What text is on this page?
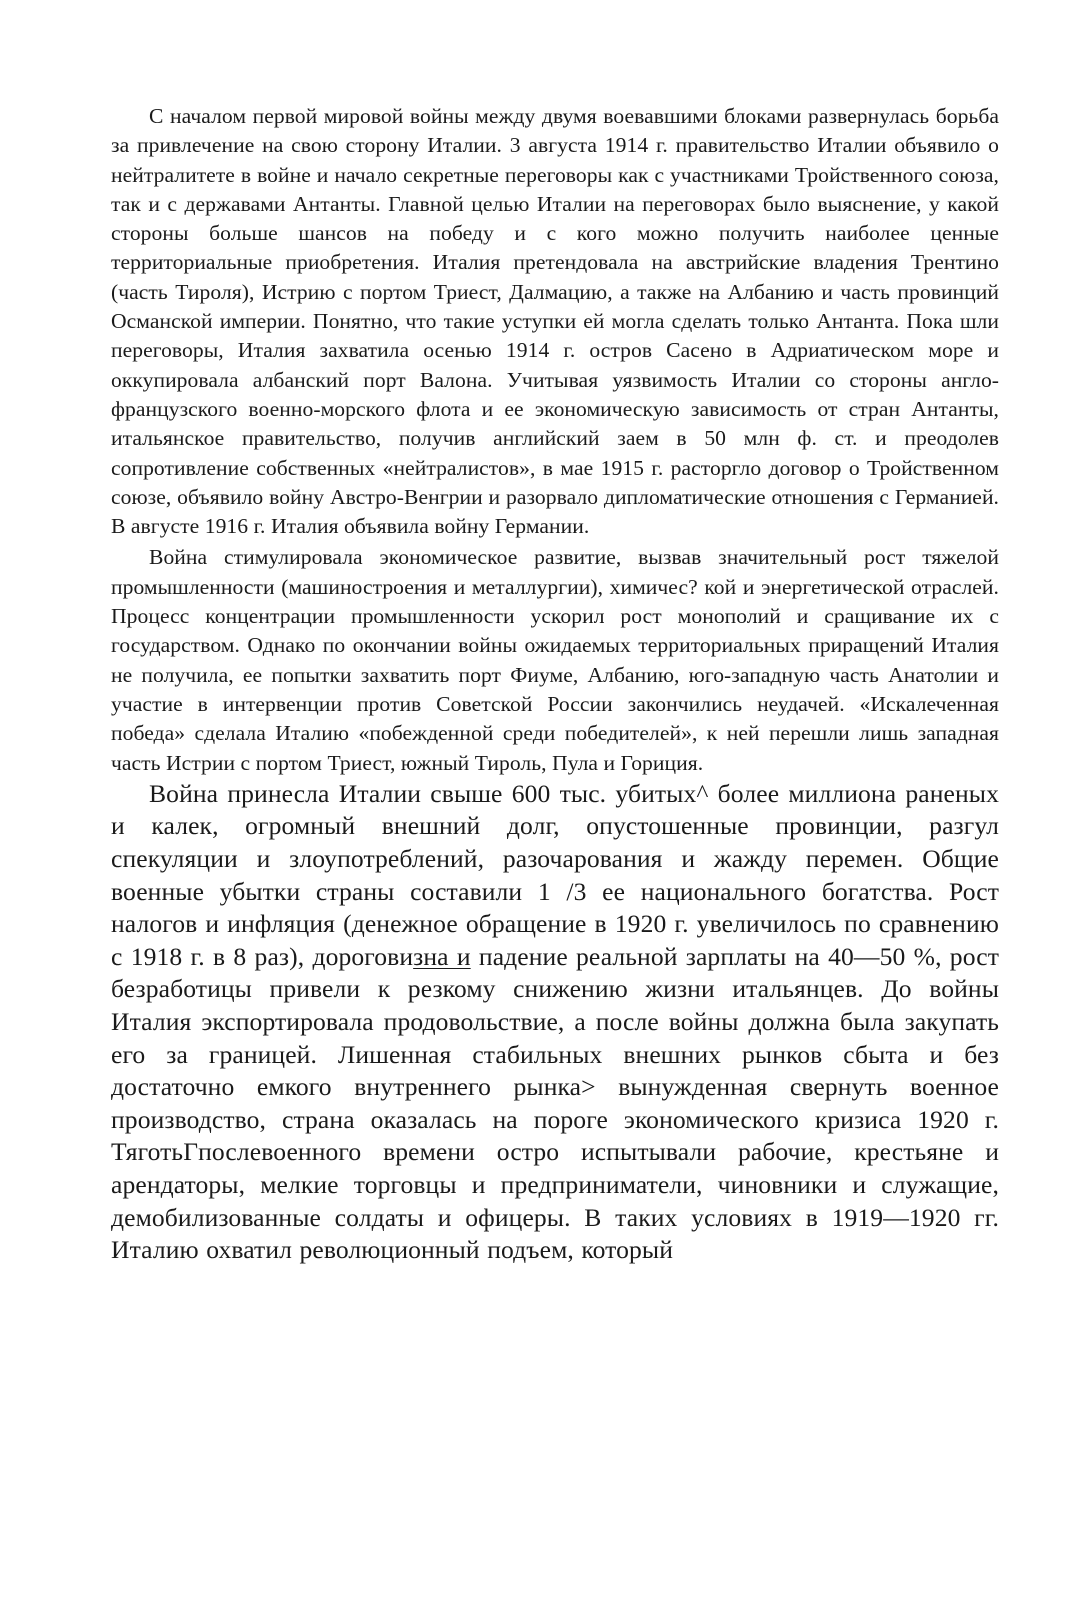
С началом первой мировой войны между двумя воевавшими блоками развернулась борьба за привлечение на свою сторону Италии. 3 августа 1914 г. правительство Италии объявило о нейтралитете в войне и начало секретные переговоры как с участниками Тройственного союза, так и с державами Антанты. Главной целью Италии на переговорах было выяснение, у какой стороны больше шансов на победу и с кого можно получить наиболее ценные территориальные приобретения. Италия претендовала на австрийские владения Трентино (часть Тироля), Истрию с портом Триест, Далмацию, а также на Албанию и часть провинций Османской империи. Понятно, что такие уступки ей могла сделать только Антанта. Пока шли переговоры, Италия захватила осенью 1914 г. остров Сасено в Адриатическом море и оккупировала албанский порт Валона. Учитывая уязвимость Италии со стороны англофранцузского военно-морского флота и ее экономическую зависимость от стран Антанты, итальянское правительство, получив английский заем в 50 млн ф. ст. и преодолев сопротивление собственных «нейтралистов», в мае 1915 г. расторгло договор о Тройственном союзе, объявило войну Австро-Венгрии и разорвало дипломатические отношения с Германией. В августе 1916 г. Италия объявила войну Германии.

Война стимулировала экономическое развитие, вызвав значительный рост тяжелой промышленности (машиностроения и металлургии), химичес? кой и энергетической отраслей. Процесс концентрации промышленности ускорил рост монополий и сращивание их с государством. Однако по окончании войны ожидаемых территориальных приращений Италия не получила, ее попытки захватить порт Фиуме, Албанию, юго-западную часть Анатолии и участие в интервенции против Советской России закончились неудачей. «Искалеченная победа» сделала Италию «побежденной среди победителей», к ней перешли лишь западная часть Истрии с портом Триест, южный Тироль, Пула и Гориция.

Война принесла Италии свыше 600 тыс. убитых^ более миллиона раненых и калек, огромный внешний долг, опустошенные провинции, разгул спекуляции и злоупотреблений, разочарования и жажду перемен. Общие военные убытки страны составили 1 /3 ее национального богатства. Рост налогов и инфляция (денежное обращение в 1920 г. увеличилось по сравнению с 1918 г. в 8 раз), дороговизна и падение реальной зарплаты на 40—50 %, рост безработицы привели к резкому снижению жизни итальянцев. До войны Италия экспортировала продовольствие, а после войны должна была закупать его за границей. Лишенная стабильных внешних рынков сбыта и без достаточно емкого внутреннего рынка> вынужденная свернуть военное производство, страна оказалась на пороге экономического кризиса 1920 г. ТяготьГпослевоенного времени остро испытывали рабочие, крестьяне и арендаторы, мелкие торговцы и предприниматели, чиновники и служащие, демобилизованные солдаты и офицеры. В таких условиях в 1919—1920 гг. Италию охватил революционный подъем, который
